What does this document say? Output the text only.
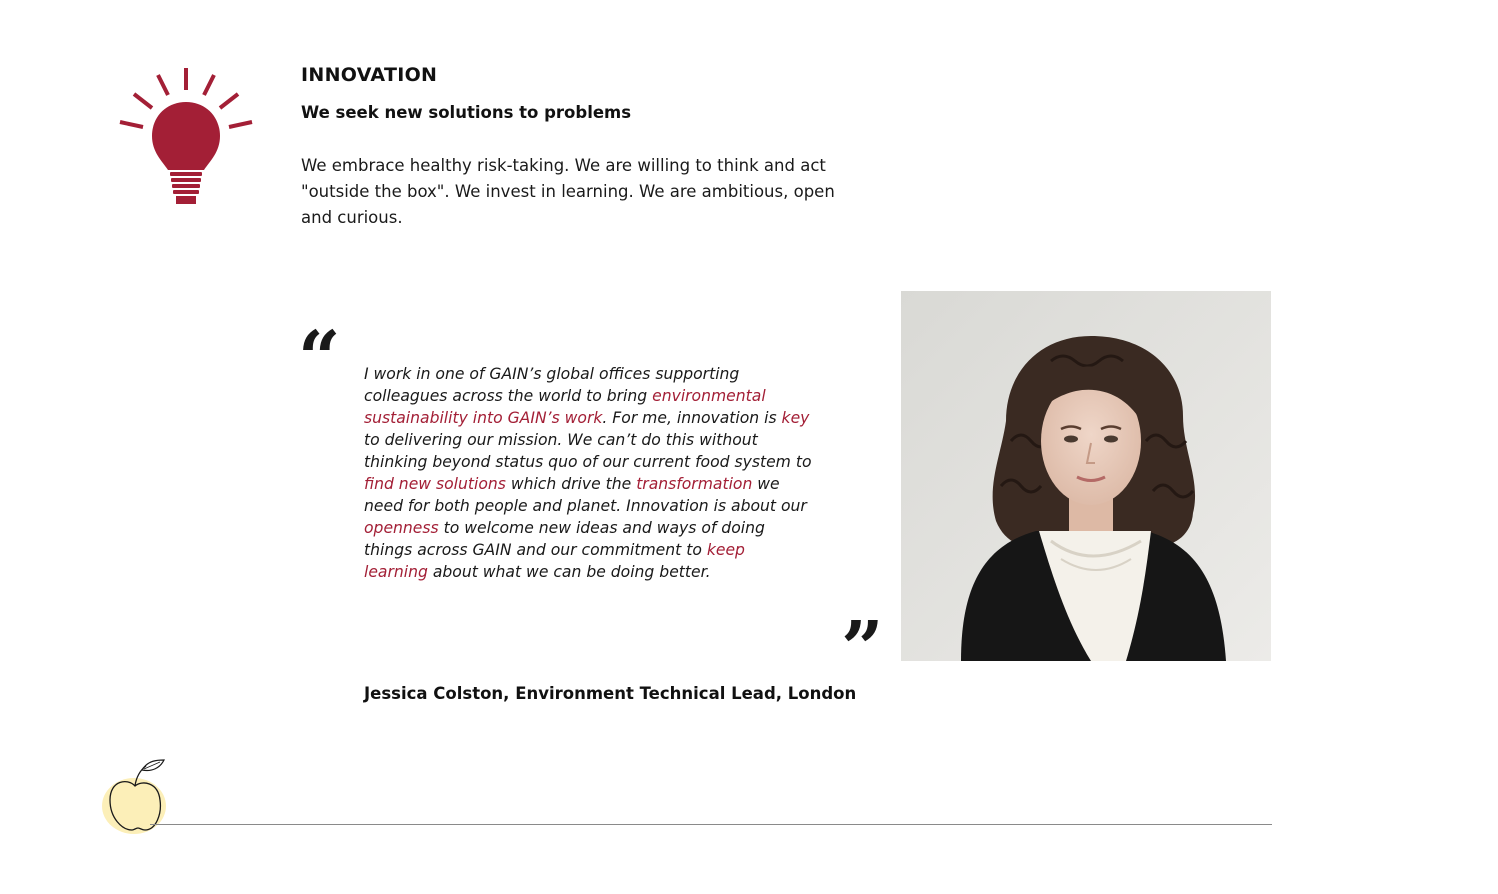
INNOVATION
We seek new solutions to problems

We embrace healthy risk-taking. We are willing to think and act "outside the box". We invest in learning. We are ambitious, open and curious.

“ I work in one of GAIN’s global offices supporting colleagues across the world to bring environmental sustainability into GAIN’s work. For me, innovation is key to delivering our mission. We can’t do this without thinking beyond status quo of our current food system to find new solutions which drive the transformation we need for both people and planet. Innovation is about our openness to welcome new ideas and ways of doing things across GAIN and our commitment to keep learning about what we can be doing better.

”

Jessica Colston, Environment Technical Lead, London
